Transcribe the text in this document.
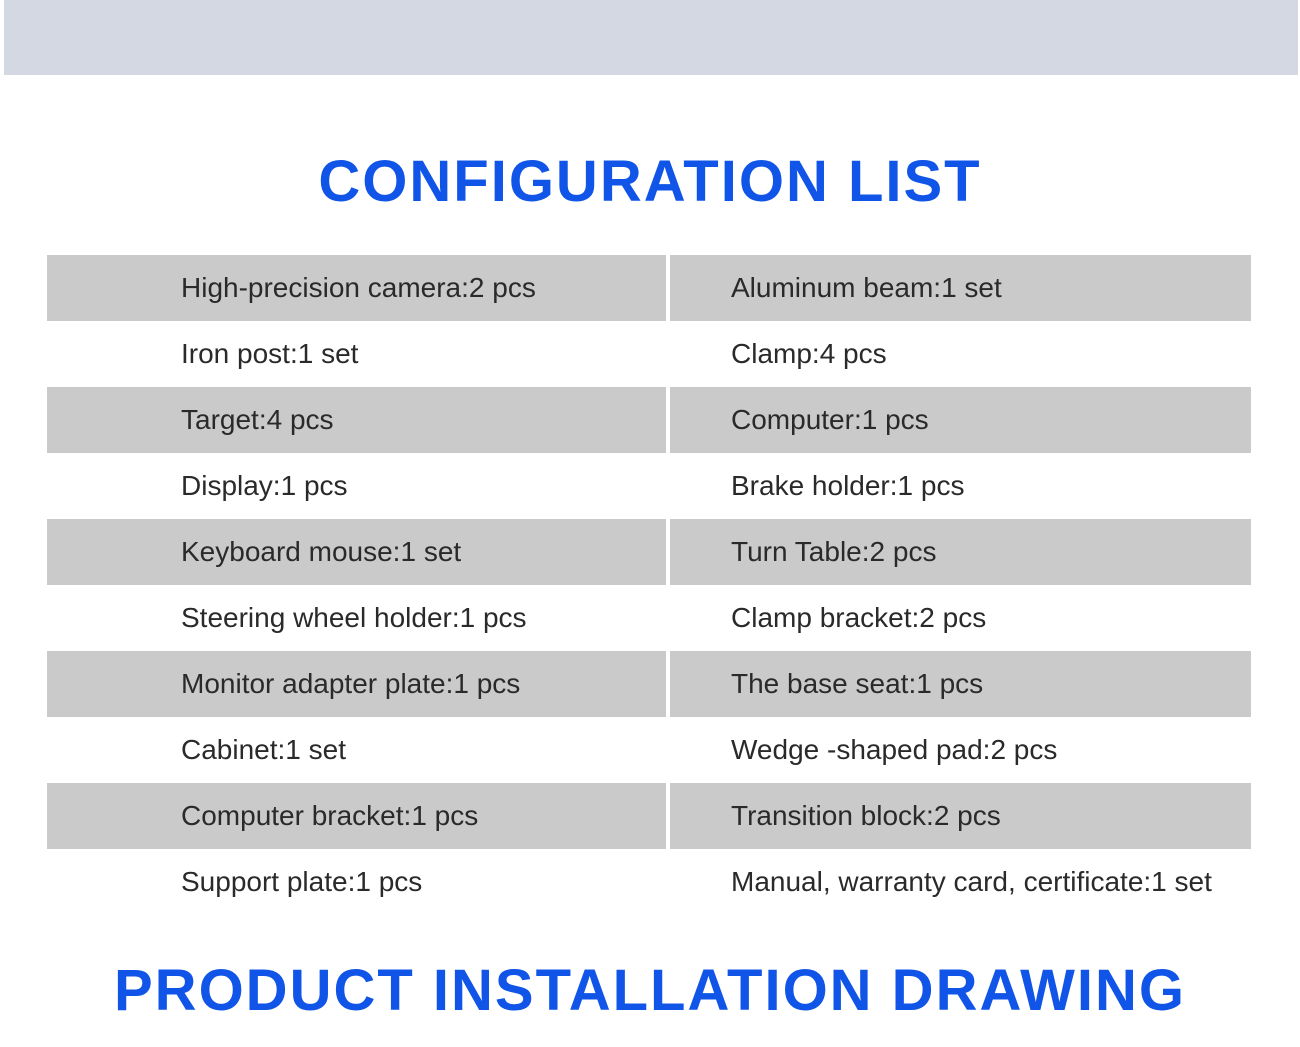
CONFIGURATION LIST
High-precision camera:2 pcs	Aluminum beam:1 set
Iron post:1 set	Clamp:4 pcs
Target:4 pcs	Computer:1 pcs
Display:1 pcs	Brake holder:1 pcs
Keyboard mouse:1 set	Turn Table:2 pcs
Steering wheel holder:1 pcs	Clamp bracket:2 pcs
Monitor adapter plate:1 pcs	The base seat:1 pcs
Cabinet:1 set	Wedge -shaped pad:2 pcs
Computer bracket:1 pcs	Transition block:2 pcs
Support plate:1 pcs	Manual, warranty card, certificate:1 set
PRODUCT INSTALLATION DRAWING
